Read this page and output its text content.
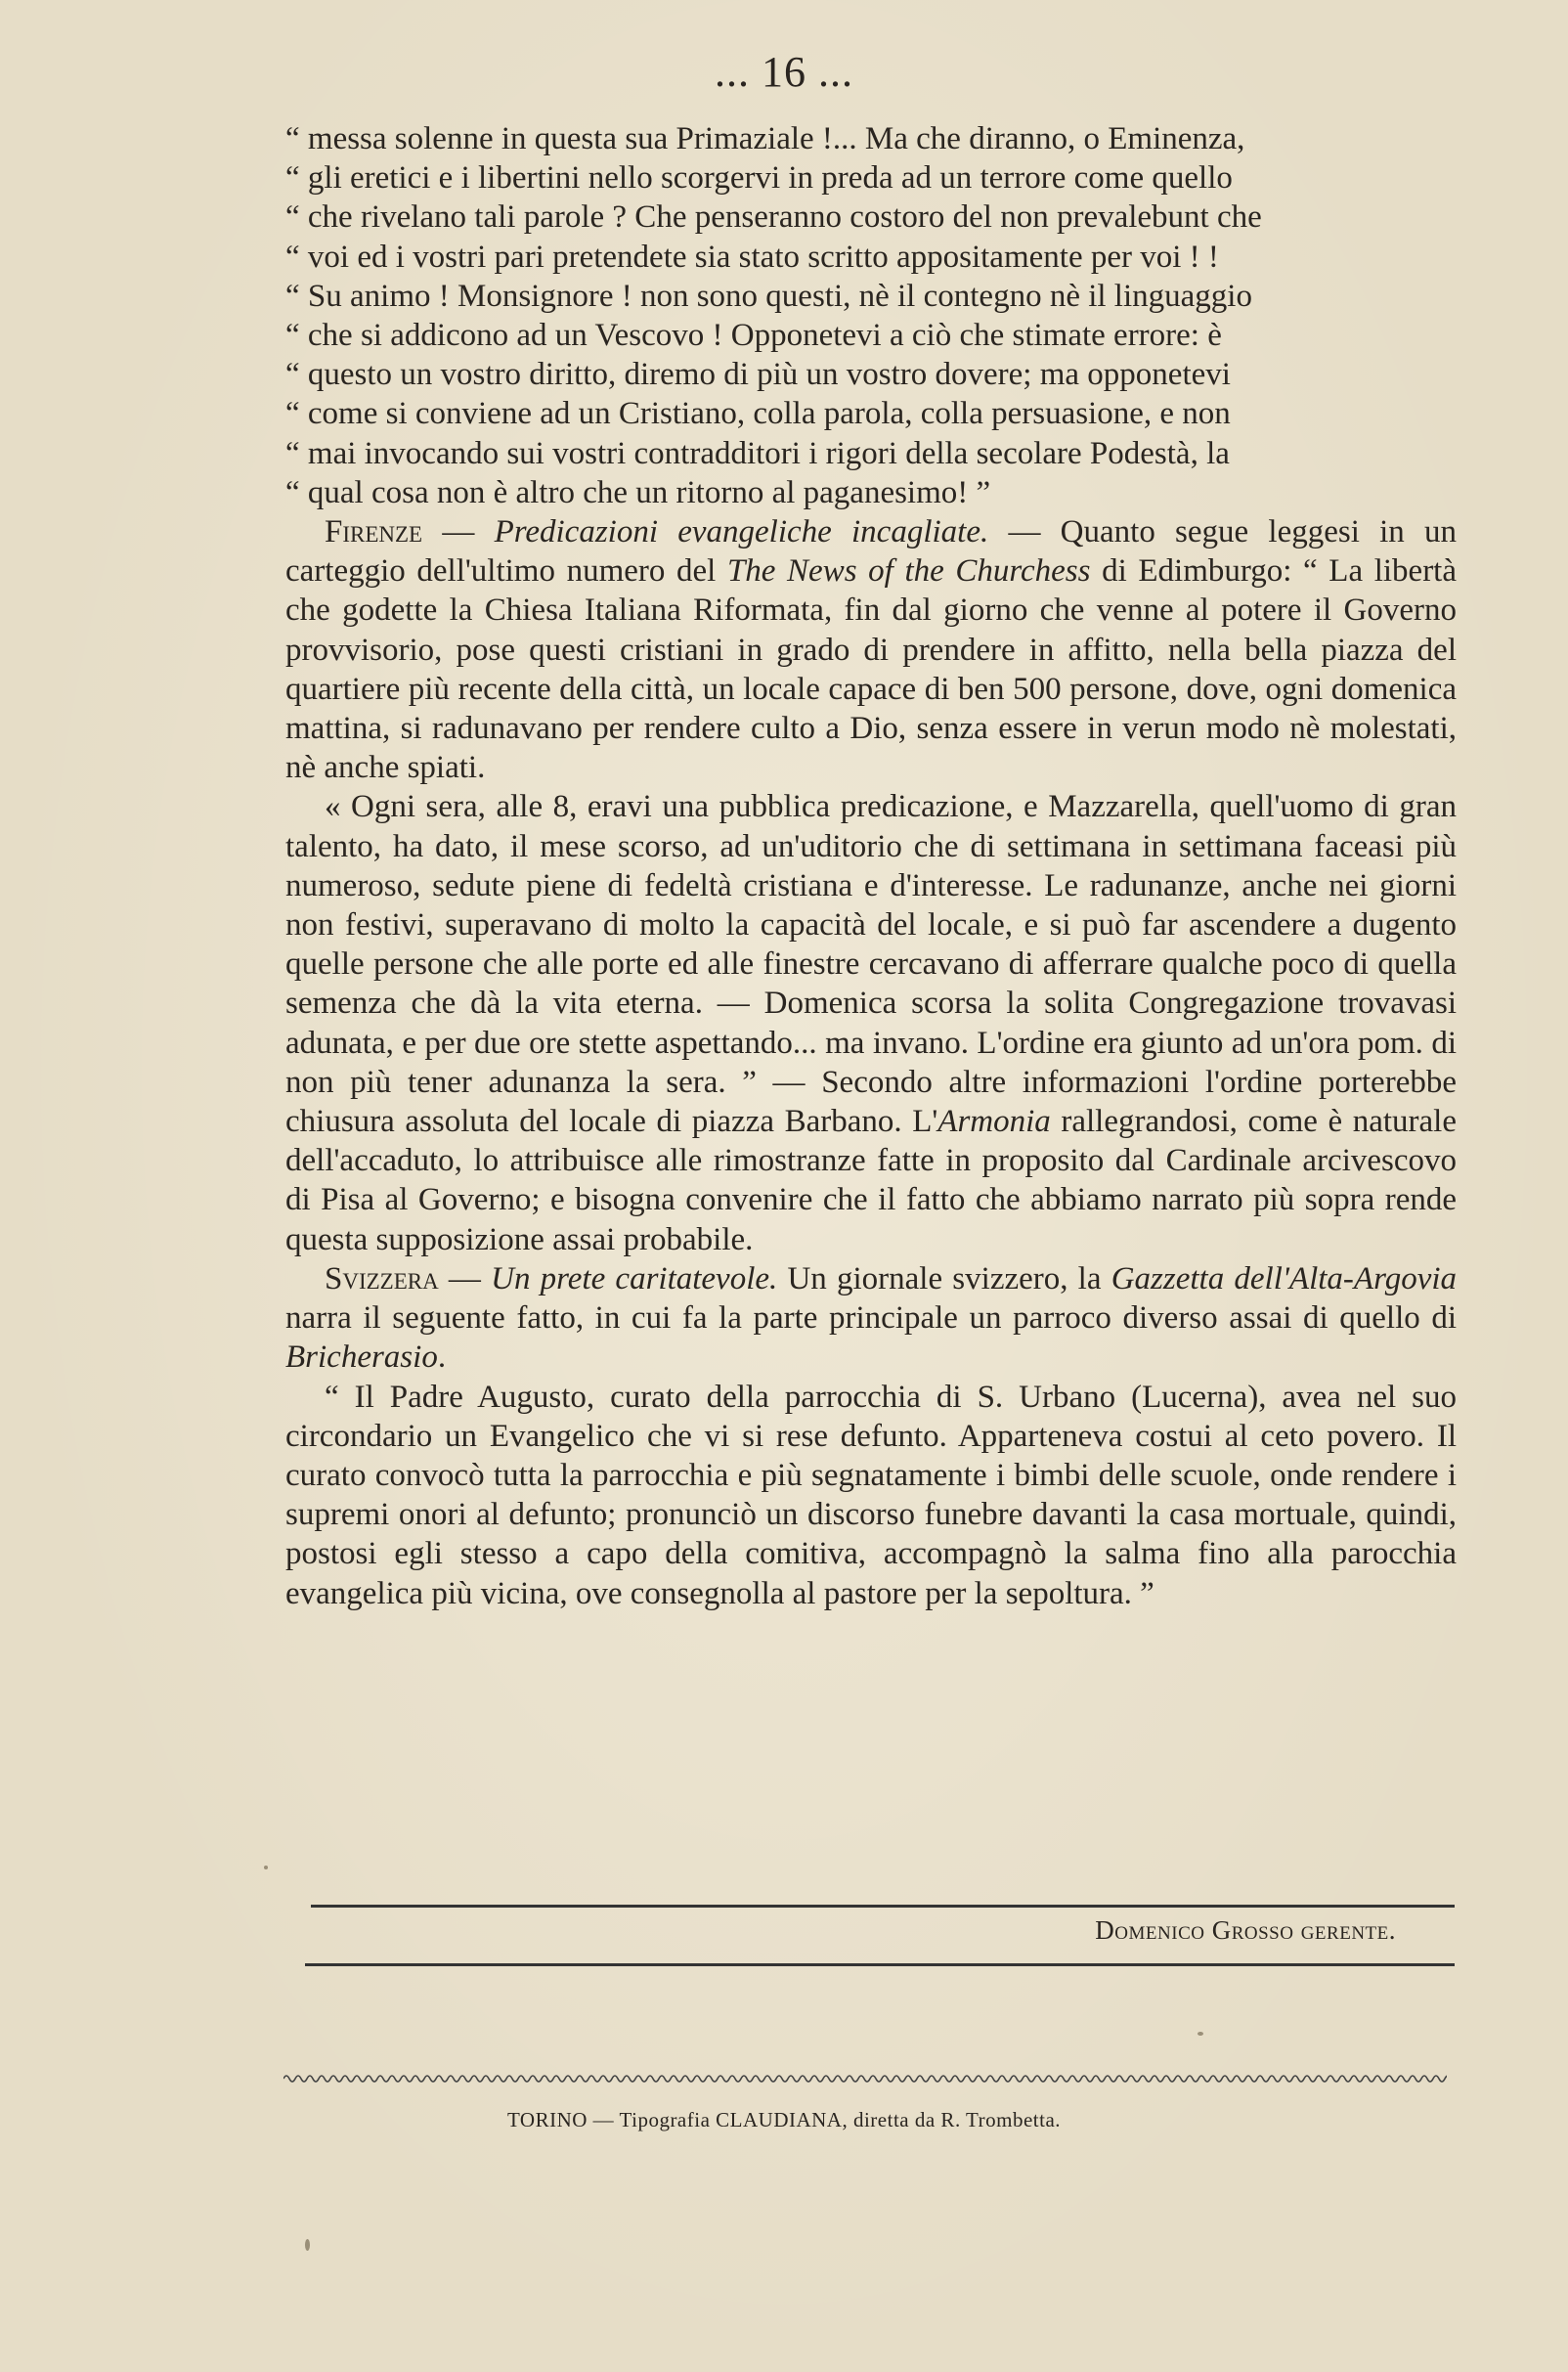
... 16 ...

“ messa solenne in questa sua Primaziale !... Ma che diranno, o Eminenza,
“ gli eretici e i libertini nello scorgervi in preda ad un terrore come quello
“ che rivelano tali parole ? Che penseranno costoro del non prevalebunt che
“ voi ed i vostri pari pretendete sia stato scritto appositamente per voi ! !
“ Su animo ! Monsignore ! non sono questi, nè il contegno nè il linguaggio
“ che si addicono ad un Vescovo ! Opponetevi a ciò che stimate errore: è
“ questo un vostro diritto, diremo di più un vostro dovere; ma opponetevi
“ come si conviene ad un Cristiano, colla parola, colla persuasione, e non
“ mai invocando sui vostri contradditori i rigori della secolare Podestà, la
“ qual cosa non è altro che un ritorno al paganesimo! ”

Firenze — Predicazioni evangeliche incagliate. — Quanto segue leggesi in un carteggio dell'ultimo numero del The News of the Churchess di Edimburgo: “ La libertà che godette la Chiesa Italiana Riformata, fin dal giorno che venne al potere il Governo provvisorio, pose questi cristiani in grado di prendere in affitto, nella bella piazza del quartiere più recente della città, un locale capace di ben 500 persone, dove, ogni domenica mattina, si radunavano per rendere culto a Dio, senza essere in verun modo nè molestati, nè anche spiati.

« Ogni sera, alle 8, eravi una pubblica predicazione, e Mazzarella, quell'uomo di gran talento, ha dato, il mese scorso, ad un'uditorio che di settimana in settimana faceasi più numeroso, sedute piene di fedeltà cristiana e d'interesse. Le radunanze, anche nei giorni non festivi, superavano di molto la capacità del locale, e si può far ascendere a dugento quelle persone che alle porte ed alle finestre cercavano di afferrare qualche poco di quella semenza che dà la vita eterna. — Domenica scorsa la solita Congregazione trovavasi adunata, e per due ore stette aspettando... ma invano. L'ordine era giunto ad un'ora pom. di non più tener adunanza la sera. ” — Secondo altre informazioni l'ordine porterebbe chiusura assoluta del locale di piazza Barbano. L'Armonia rallegrandosi, come è naturale dell'accaduto, lo attribuisce alle rimostranze fatte in proposito dal Cardinale arcivescovo di Pisa al Governo; e bisogna convenire che il fatto che abbiamo narrato più sopra rende questa supposizione assai probabile.

Svizzera — Un prete caritatevole. Un giornale svizzero, la Gazzetta dell'Alta-Argovia narra il seguente fatto, in cui fa la parte principale un parroco diverso assai di quello di Bricherasio.

“ Il Padre Augusto, curato della parrocchia di S. Urbano (Lucerna), avea nel suo circondario un Evangelico che vi si rese defunto. Apparteneva costui al ceto povero. Il curato convocò tutta la parrocchia e più segnatamente i bimbi delle scuole, onde rendere i supremi onori al defunto; pronunciò un discorso funebre davanti la casa mortuale, quindi, postosi egli stesso a capo della comitiva, accompagnò la salma fino alla parocchia evangelica più vicina, ove consegnolla al pastore per la sepoltura. ”

Domenico Grosso gerente.
TORINO — Tipografia CLAUDIANA, diretta da R. Trombetta.
